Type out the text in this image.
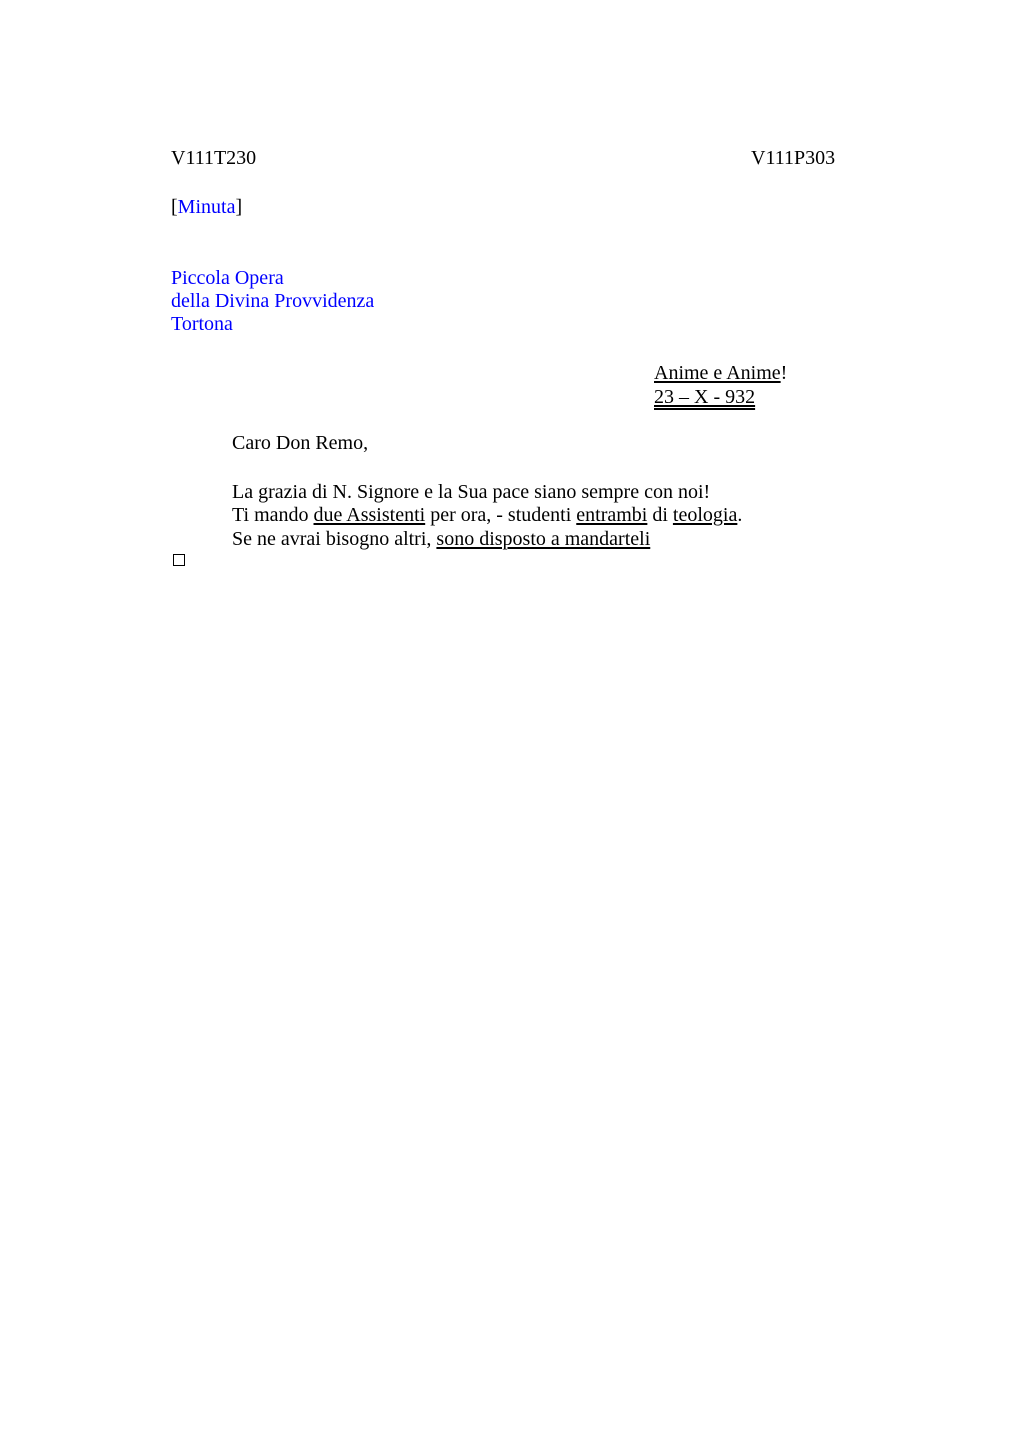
V111T230	V111P303
[Minuta]
Piccola Opera
della Divina Provvidenza
Tortona
Anime e Anime!
23 – X - 932
Caro Don Remo,
La grazia di N. Signore e la Sua pace siano sempre con noi!
Ti mando due Assistenti per ora, - studenti entrambi di teologia.
Se ne avrai bisogno altri, sono disposto a mandarteli
